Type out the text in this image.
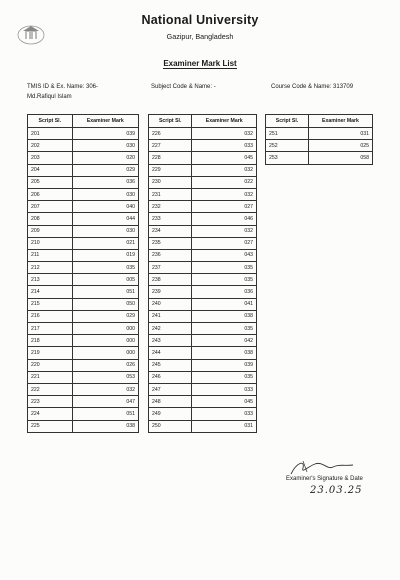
National University
Gazipur, Bangladesh
Examiner Mark List
TMIS ID & Ex. Name: 306- Md.Rafiqul Islam
Subject Code & Name: -	Course Code & Name: 313709
Script Sl.	Examiner Mark
201	039
202	030
203	020
204	029
205	036
206	030
207	040
208	044
209	030
210	021
211	019
212	035
213	005
214	051
215	050
216	029
217	000
218	000
219	000
220	026
221	053
222	032
223	047
224	051
225	038
Script Sl.	Examiner Mark
226	032
227	033
228	045
229	032
230	022
231	032
232	027
233	046
234	032
235	027
236	043
237	035
238	035
239	036
240	041
241	038
242	035
243	042
244	038
245	039
246	035
247	033
248	045
249	033
250	031
Script Sl.	Examiner Mark
251	031
252	025
253	058
Examiner's Signature & Date
23.03.25
